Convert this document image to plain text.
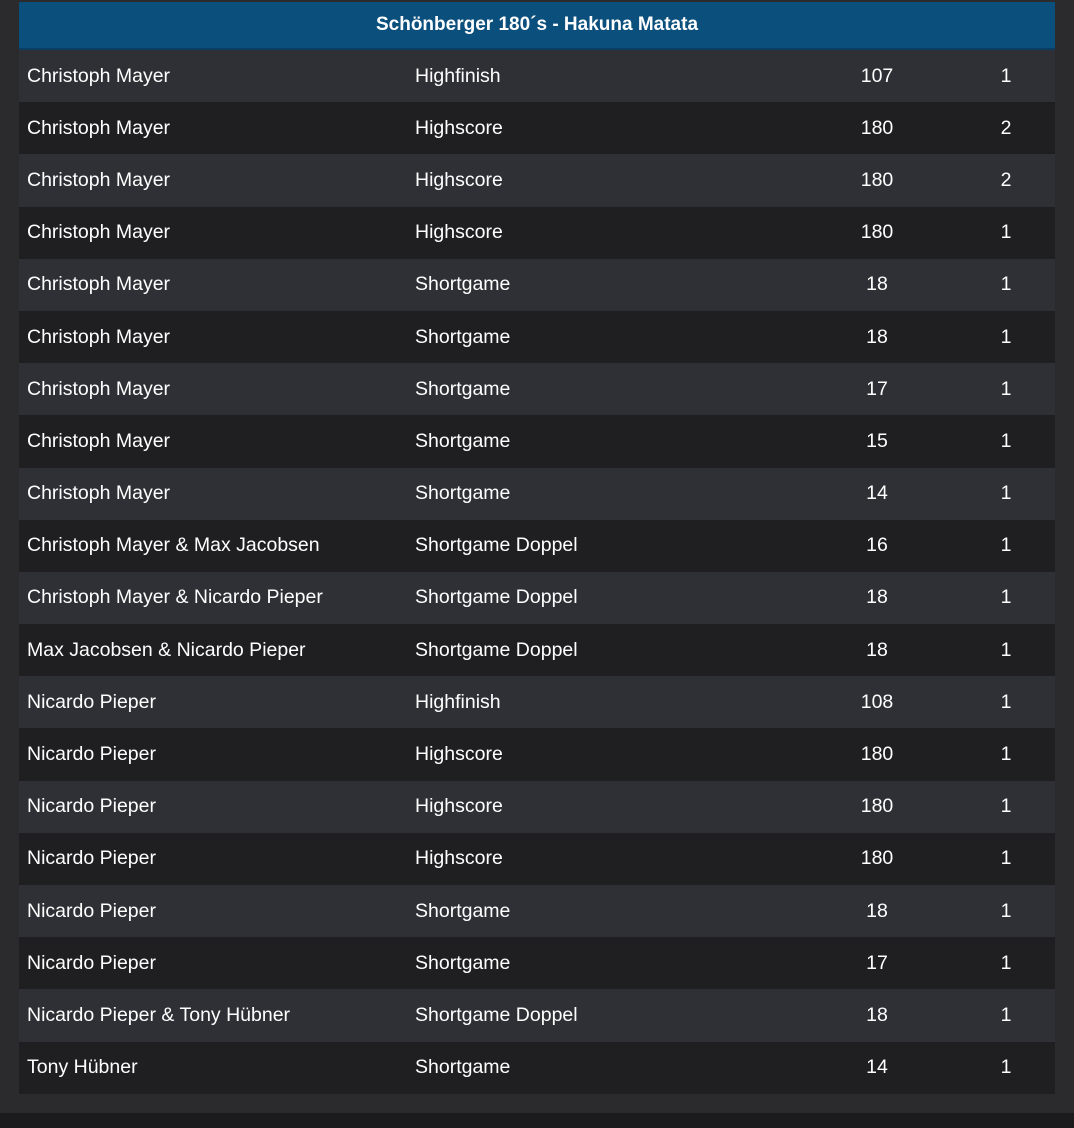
Schönberger 180´s - Hakuna Matata
Christoph Mayer	Highfinish	107	1
Christoph Mayer	Highscore	180	2
Christoph Mayer	Highscore	180	2
Christoph Mayer	Highscore	180	1
Christoph Mayer	Shortgame	18	1
Christoph Mayer	Shortgame	18	1
Christoph Mayer	Shortgame	17	1
Christoph Mayer	Shortgame	15	1
Christoph Mayer	Shortgame	14	1
Christoph Mayer & Max Jacobsen	Shortgame Doppel	16	1
Christoph Mayer & Nicardo Pieper	Shortgame Doppel	18	1
Max Jacobsen & Nicardo Pieper	Shortgame Doppel	18	1
Nicardo Pieper	Highfinish	108	1
Nicardo Pieper	Highscore	180	1
Nicardo Pieper	Highscore	180	1
Nicardo Pieper	Highscore	180	1
Nicardo Pieper	Shortgame	18	1
Nicardo Pieper	Shortgame	17	1
Nicardo Pieper & Tony Hübner	Shortgame Doppel	18	1
Tony Hübner	Shortgame	14	1
